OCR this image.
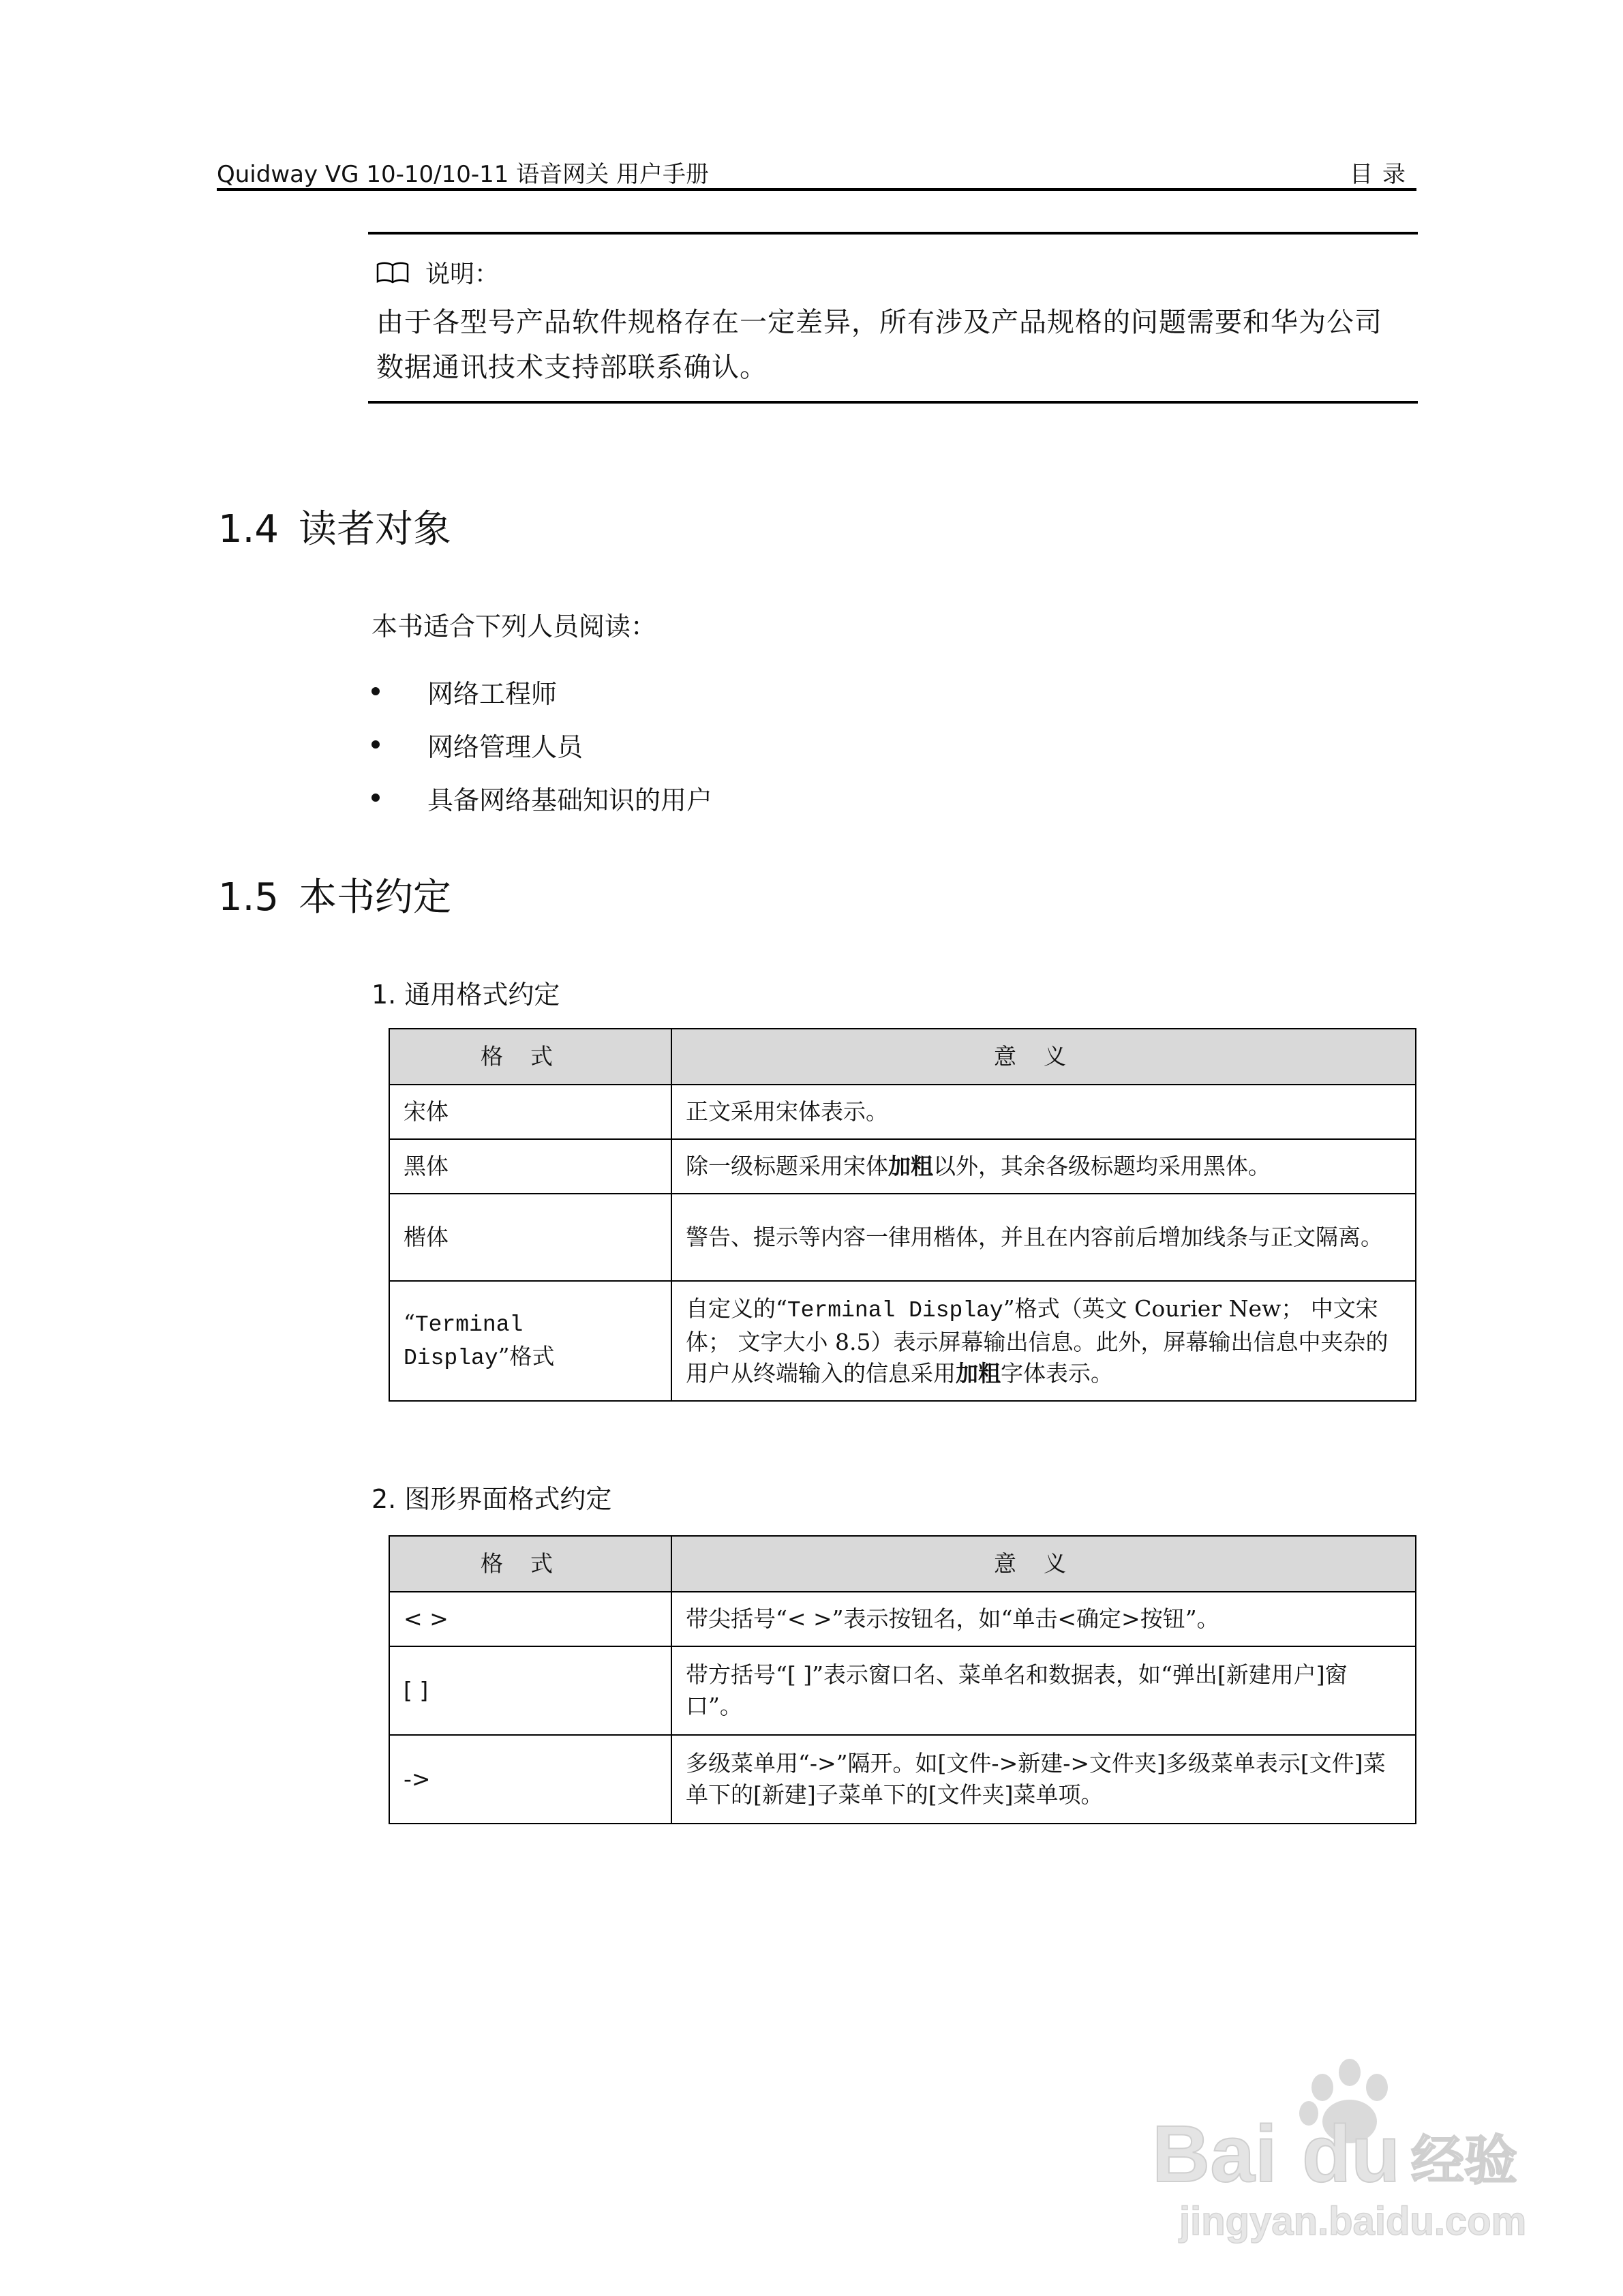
Quidway VG 10-10/10-11 语音网关 用户手册	目录
说明：
由于各型号产品软件规格存在一定差异，所有涉及产品规格的问题需要和华为公司
数据通讯技术支持部联系确认。
1.4 读者对象
本书适合下列人员阅读：
网络工程师
网络管理人员
具备网络基础知识的用户
1.5 本书约定
1. 通用格式约定
格式	意义
宋体	正文采用宋体表示。
黑体	除一级标题采用宋体加粗以外，其余各级标题均采用黑体。
楷体	警告、提示等内容一律用楷体，并且在内容前后增加线条与正文隔离。
“Terminal Display”格式	自定义的“Terminal Display”格式（英文 Courier New； 中文宋体； 文字大小 8.5）表示屏幕输出信息。此外，屏幕输出信息中夹杂的用户从终端输入的信息采用加粗字体表示。
2. 图形界面格式约定
格式	意义
< >	带尖括号“< >”表示按钮名，如“单击<确定>按钮”。
[ ]	带方括号“[ ]”表示窗口名、菜单名和数据表，如“弹出[新建用户]窗口”。
->	多级菜单用“->”隔开。如[文件->新建->文件夹]多级菜单表示[文件]菜单下的[新建]子菜单下的[文件夹]菜单项。
Bai du 经验
jingyan.baidu.com
